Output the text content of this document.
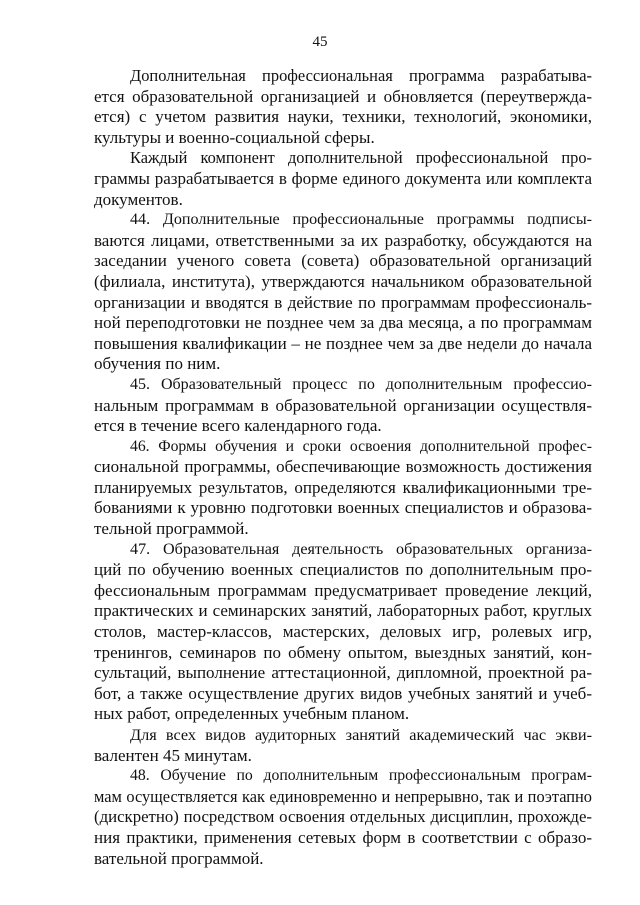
45
Дополнительная профессиональная программа разрабатыва-
ется образовательной организацией и обновляется (переутвержда-
ется) с учетом развития науки, техники, технологий, экономики,
культуры и военно-социальной сферы.
Каждый компонент дополнительной профессиональной про-
граммы разрабатывается в форме единого документа или комплекта
документов.
44. Дополнительные профессиональные программы подписы-
ваются лицами, ответственными за их разработку, обсуждаются на
заседании ученого совета (совета) образовательной организаций
(филиала, института), утверждаются начальником образовательной
организации и вводятся в действие по программам профессиональ-
ной переподготовки не позднее чем за два месяца, а по программам
повышения квалификации – не позднее чем за две недели до начала
обучения по ним.
45. Образовательный процесс по дополнительным профессио-
нальным программам в образовательной организации осуществля-
ется в течение всего календарного года.
46. Формы обучения и сроки освоения дополнительной профес-
сиональной программы, обеспечивающие возможность достижения
планируемых результатов, определяются квалификационными тре-
бованиями к уровню подготовки военных специалистов и образова-
тельной программой.
47. Образовательная деятельность образовательных организа-
ций по обучению военных специалистов по дополнительным про-
фессиональным программам предусматривает проведение лекций,
практических и семинарских занятий, лабораторных работ, круглых
столов, мастер-классов, мастерских, деловых игр, ролевых игр,
тренингов, семинаров по обмену опытом, выездных занятий, кон-
сультаций, выполнение аттестационной, дипломной, проектной ра-
бот, а также осуществление других видов учебных занятий и учеб-
ных работ, определенных учебным планом.
Для всех видов аудиторных занятий академический час экви-
валентен 45 минутам.
48. Обучение по дополнительным профессиональным програм-
мам осуществляется как единовременно и непрерывно, так и поэтапно
(дискретно) посредством освоения отдельных дисциплин, прохожде-
ния практики, применения сетевых форм в соответствии с образо-
вательной программой.
